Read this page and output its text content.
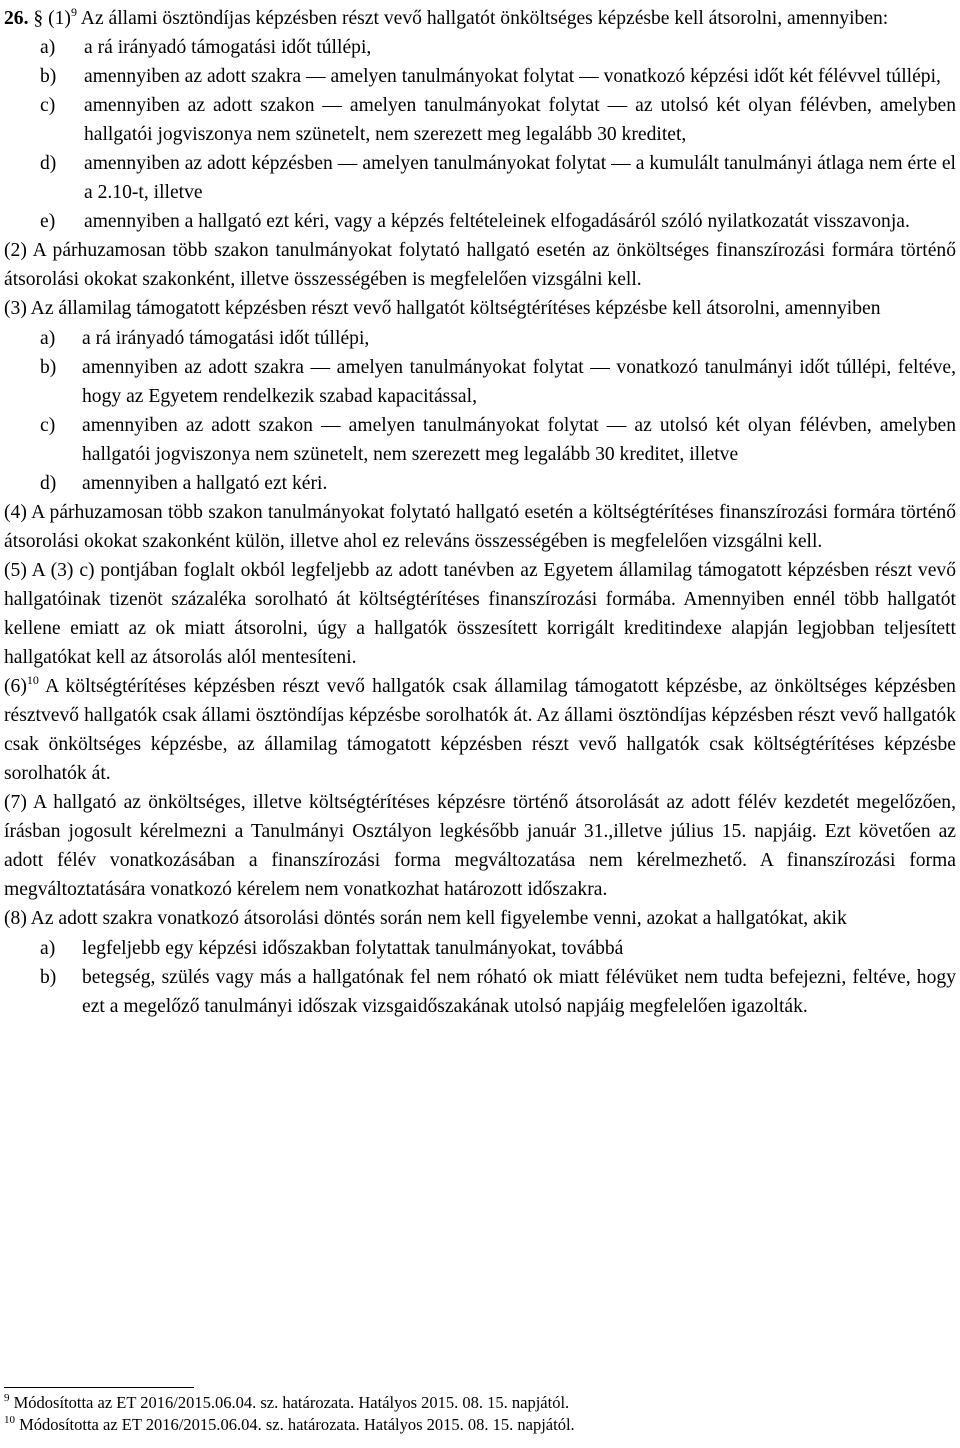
26. § $(1)^9$ Az állami ösztöndíjas képzésben részt vevő hallgatót önköltséges képzésbe kell átsorolni, amennyiben:

a)	a rá irányadó támogatási időt túllépi,
b)	amennyiben az adott szakra — amelyen tanulmányokat folytat — vonatkozó képzési időt két félévvel túllépi,
c)	amennyiben az adott szakon — amelyen tanulmányokat folytat — az utolsó két olyan félévben, amelyben hallgatói jogviszonya nem szünetelt, nem szerezett meg legalább 30 kreditet,
d)	amennyiben az adott képzésben — amelyen tanulmányokat folytat — a kumulált tanulmányi átlaga nem érte el a 2.10-t, illetve
e)	amennyiben a hallgató ezt kéri, vagy a képzés feltételeinek elfogadásáról szóló nyilatkozatát visszavonja.

(2) A párhuzamosan több szakon tanulmányokat folytató hallgató esetén az önköltséges finanszírozási formára történő átsorolási okokat szakonként, illetve összességében is megfelelően vizsgálni kell.

(3) Az államilag támogatott képzésben részt vevő hallgatót költségtérítéses képzésbe kell átsorolni, amennyiben

a)	a rá irányadó támogatási időt túllépi,
b)	amennyiben az adott szakra — amelyen tanulmányokat folytat — vonatkozó tanulmányi időt túllépi, feltéve, hogy az Egyetem rendelkezik szabad kapacitással,
c)	amennyiben az adott szakon — amelyen tanulmányokat folytat — az utolsó két olyan félévben, amelyben hallgatói jogviszonya nem szünetelt, nem szerezett meg legalább 30 kreditet, illetve
d)	amennyiben a hallgató ezt kéri.

(4) A párhuzamosan több szakon tanulmányokat folytató hallgató esetén a költségtérítéses finanszírozási formára történő átsorolási okokat szakonként külön, illetve ahol ez releváns összességében is megfelelően vizsgálni kell.

(5) A (3) c) pontjában foglalt okból legfeljebb az adott tanévben az Egyetem államilag támogatott képzésben részt vevő hallgatóinak tizenöt százaléka sorolható át költségtérítéses finanszírozási formába. Amennyiben ennél több hallgatót kellene emiatt az ok miatt átsorolni, úgy a hallgatók összesített korrigált kreditindexe alapján legjobban teljesített hallgatókat kell az átsorolás alól mentesíteni.

$(6)^{10}$ A költségtérítéses képzésben részt vevő hallgatók csak államilag támogatott képzésbe, az önköltséges képzésben résztvevő hallgatók csak állami ösztöndíjas képzésbe sorolhatók át. Az állami ösztöndíjas képzésben részt vevő hallgatók csak önköltséges képzésbe, az államilag támogatott képzésben részt vevő hallgatók csak költségtérítéses képzésbe sorolhatók át.

(7) A hallgató az önköltséges, illetve költségtérítéses képzésre történő átsorolását az adott félév kezdetét megelőzően, írásban jogosult kérelmezni a Tanulmányi Osztályon legkésőbb január 31.,illetve július 15. napjáig. Ezt követően az adott félév vonatkozásában a finanszírozási forma megváltozatása nem kérelmezhető. A finanszírozási forma megváltoztatására vonatkozó kérelem nem vonatkozhat határozott időszakra.

(8) Az adott szakra vonatkozó átsorolási döntés során nem kell figyelembe venni, azokat a hallgatókat, akik

a)	legfeljebb egy képzési időszakban folytattak tanulmányokat, továbbá
b)	betegség, szülés vagy más a hallgatónak fel nem róható ok miatt félévüket nem tudta befejezni, feltéve, hogy ezt a megelőző tanulmányi időszak vizsgaidőszakának utolsó napjáig megfelelően igazolták.
$^9$ Módosította az ET 2016/2015.06.04. sz. határozata. Hatályos 2015. 08. 15. napjától.
$^{10}$ Módosította az ET 2016/2015.06.04. sz. határozata. Hatályos 2015. 08. 15. napjától.
